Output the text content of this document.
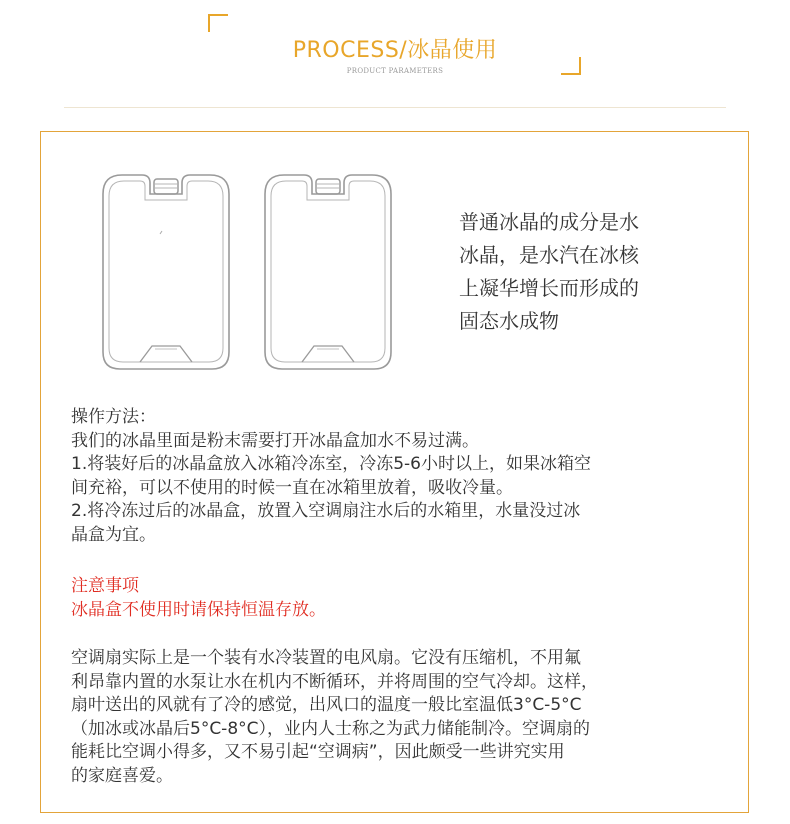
PROCESS/冰晶使用
PRODUCT PARAMETERS
普通冰晶的成分是水
冰晶，是水汽在冰核
上凝华增长而形成的
固态水成物
操作方法：
我们的冰晶里面是粉末需要打开冰晶盒加水不易过满。
1.将装好后的冰晶盒放入冰箱冷冻室，冷冻5-6小时以上，如果冰箱空
间充裕，可以不使用的时候一直在冰箱里放着，吸收冷量。
2.将冷冻过后的冰晶盒，放置入空调扇注水后的水箱里，水量没过冰
晶盒为宜。
注意事项
冰晶盒不使用时请保持恒温存放。
空调扇实际上是一个装有水冷装置的电风扇。它没有压缩机，不用氟
利昂靠内置的水泵让水在机内不断循环，并将周围的空气冷却。这样，
扇叶送出的风就有了冷的感觉，出风口的温度一般比室温低3°C-5°C
（加冰或冰晶后5°C-8°C），业内人士称之为武力储能制冷。空调扇的
能耗比空调小得多，又不易引起“空调病”，因此颇受一些讲究实用
的家庭喜爱。
